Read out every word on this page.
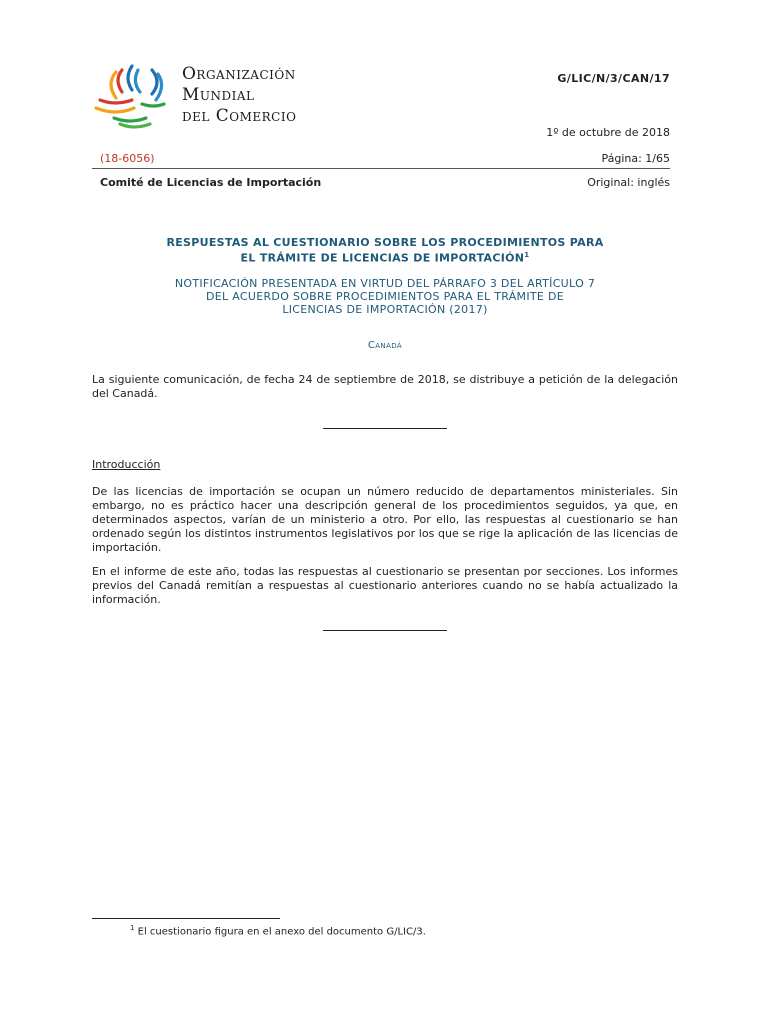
Organización
Mundial
del Comercio
G/LIC/N/3/CAN/17
1º de octubre de 2018
(18-6056)	Página: 1/65
Comité de Licencias de Importación	Original: inglés
RESPUESTAS AL CUESTIONARIO SOBRE LOS PROCEDIMIENTOS PARA
EL TRÁMITE DE LICENCIAS DE IMPORTACIÓN$^1$
NOTIFICACIÓN PRESENTADA EN VIRTUD DEL PÁRRAFO 3 DEL ARTÍCULO 7
DEL ACUERDO SOBRE PROCEDIMIENTOS PARA EL TRÁMITE DE
LICENCIAS DE IMPORTACIÓN (2017)
Canadá
La siguiente comunicación, de fecha 24 de septiembre de 2018, se distribuye a petición de la delegación del Canadá.
Introducción
De las licencias de importación se ocupan un número reducido de departamentos ministeriales. Sin embargo, no es práctico hacer una descripción general de los procedimientos seguidos, ya que, en determinados aspectos, varían de un ministerio a otro. Por ello, las respuestas al cuestionario se han ordenado según los distintos instrumentos legislativos por los que se rige la aplicación de las licencias de importación.
En el informe de este año, todas las respuestas al cuestionario se presentan por secciones. Los informes previos del Canadá remitían a respuestas al cuestionario anteriores cuando no se había actualizado la información.
$^1$ El cuestionario figura en el anexo del documento G/LIC/3.
